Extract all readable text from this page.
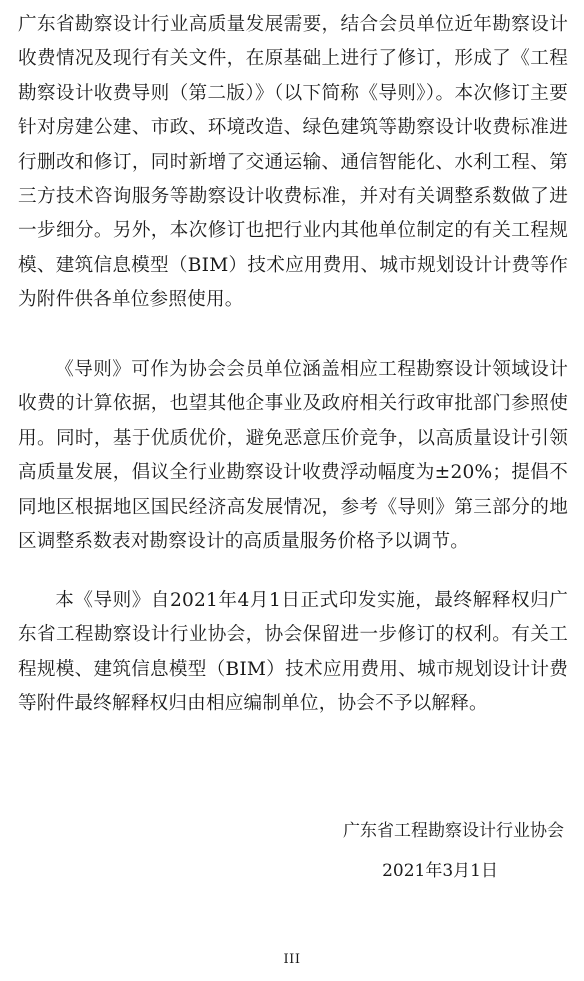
广东省勘察设计行业高质量发展需要，结合会员单位近年勘察设计收费情况及现行有关文件，在原基础上进行了修订，形成了《工程勘察设计收费导则（第二版）》（以下简称《导则》）。本次修订主要针对房建公建、市政、环境改造、绿色建筑等勘察设计收费标准进行删改和修订，同时新增了交通运输、通信智能化、水利工程、第三方技术咨询服务等勘察设计收费标准，并对有关调整系数做了进一步细分。另外，本次修订也把行业内其他单位制定的有关工程规模、建筑信息模型（BIM）技术应用费用、城市规划设计计费等作为附件供各单位参照使用。

《导则》可作为协会会员单位涵盖相应工程勘察设计领域设计收费的计算依据，也望其他企事业及政府相关行政审批部门参照使用。同时，基于优质优价，避免恶意压价竞争，以高质量设计引领高质量发展，倡议全行业勘察设计收费浮动幅度为±20%；提倡不同地区根据地区国民经济高发展情况，参考《导则》第三部分的地区调整系数表对勘察设计的高质量服务价格予以调节。

本《导则》自2021年4月1日正式印发实施，最终解释权归广东省工程勘察设计行业协会，协会保留进一步修订的权利。有关工程规模、建筑信息模型（BIM）技术应用费用、城市规划设计计费等附件最终解释权归由相应编制单位，协会不予以解释。

广东省工程勘察设计行业协会

2021年3月1日

III
